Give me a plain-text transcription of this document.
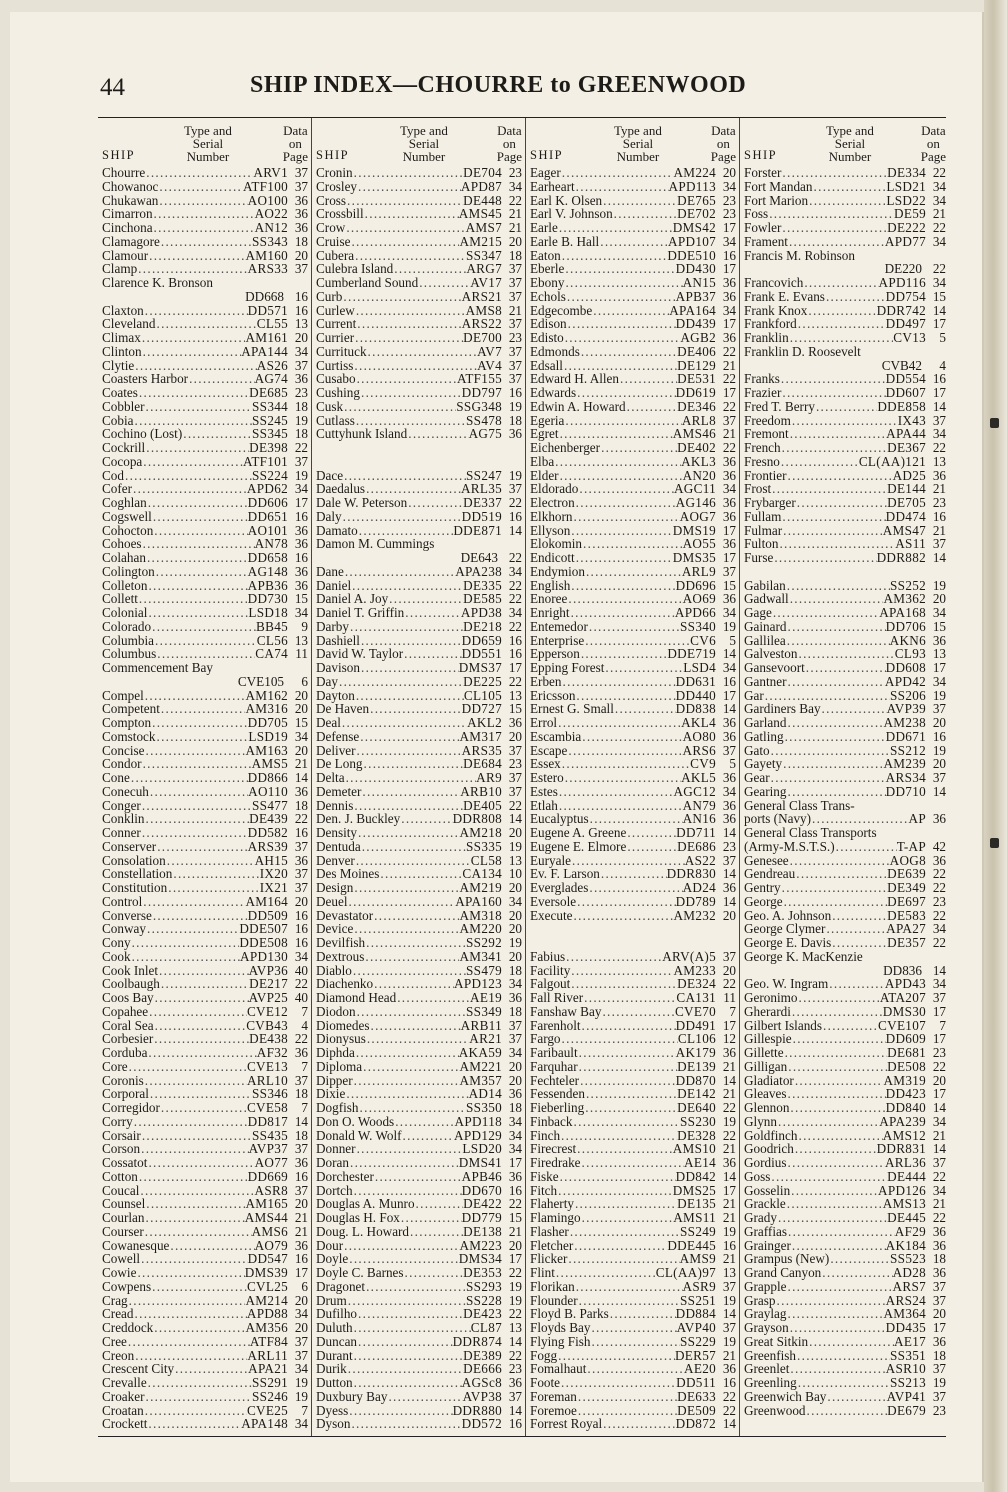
44	SHIP INDEX—CHOURRE to GREENWOOD
SHIP
Type and
Serial
Number
Data
on
Page
Chourre .....	ARV1 37
Chowanoc .....	ATF100 37
Chukawan .....	AO100 36
Cimarron .....	AO22 36
Cinchona .....	AN12 36
Clamagore .....	SS343 18
Clamour .....	AM160 20
Clamp .....	ARS33 37
Clarence K. Bronson
DD668 16
Claxton .....	DD571 16
Cleveland .....	CL55 13
Climax .....	AM161 20
Clinton .....	APA144 34
Clytie .....	AS26 37
Coasters Harbor .....	AG74 36
Coates .....	DE685 23
Cobbler .....	SS344 18
Cobia .....	SS245 19
Cochino (Lost) .....	SS345 18
Cockrill .....	DE398 22
Cocopa .....	ATF101 37
Cod .....	SS224 19
Cofer .....	APD62 34
Coghlan .....	DD606 17
Cogswell .....	DD651 16
Cohocton .....	AO101 36
Cohoes .....	AN78 36
Colahan .....	DD658 16
Colington .....	AG148 36
Colleton .....	APB36 36
Collett .....	DD730 15
Colonial .....	LSD18 34
Colorado .....	BB45	9
Columbia .....	CL56 13
Columbus .....	CA74 11
Commencement Bay
CVE105	6
Compel .....	AM162 20
Competent .....	AM316 20
Compton .....	DD705 15
Comstock .....	LSD19 34
Concise .....	AM163 20
Condor .....	AMS5 21
Cone .....	DD866 14
Conecuh .....	AO110 36
Conger .....	SS477 18
Conklin .....	DE439 22
Conner .....	DD582 16
Conserver .....	ARS39 37
Consolation .....	AH15 36
Constellation .....	IX20 37
Constitution .....	IX21 37
Control .....	AM164 20
Converse .....	DD509 16
Conway .....	DDE507 16
Cony .....	DDE508 16
Cook .....	APD130 34
Cook Inlet .....	AVP36 40
Coolbaugh .....	DE217 22
Coos Bay .....	AVP25 40
Copahee .....	CVE12	7
Coral Sea .....	CVB43	4
Corbesier .....	DE438 22
Corduba .....	AF32 36
Core .....	CVE13	7
Coronis .....	ARL10 37
Corporal .....	SS346 18
Corregidor .....	CVE58	7
Corry .....	DD817 14
Corsair .....	SS435 18
Corson .....	AVP37 37
Cossatot .....	AO77 36
Cotton .....	DD669 16
Coucal .....	ASR8 37
Counsel .....	AM165 20
Courlan .....	AMS44 21
Courser .....	AMS6 21
Cowanesque .....	AO79 36
Cowell .....	DD547 16
Cowie .....	DMS39 17
Cowpens .....	CVL25	6
Crag .....	AM214 20
Cread .....	APD88 34
Creddock .....	AM356 20
Cree .....	ATF84 37
Creon .....	ARL11 37
Crescent City .....	APA21 34
Crevalle .....	SS291 19
Croaker .....	SS246 19
Croatan .....	CVE25	7
Crockett .....	APA148 34
SHIP
Type and
Serial
Number
Data
on
Page
Cronin .....	DE704 23
Crosley .....	APD87 34
Cross .....	DE448 22
Crossbill .....	AMS45 21
Crow .....	AMS7 21
Cruise .....	AM215 20
Cubera .....	SS347 18
Culebra Island .....	ARG7 37
Cumberland Sound .....	AV17 37
Curb .....	ARS21 37
Curlew .....	AMS8 21
Current .....	ARS22 37
Currier .....	DE700 23
Currituck .....	AV7 37
Curtiss .....	AV4 37
Cusabo .....	ATF155 37
Cushing .....	DD797 16
Cusk .....	SSG348 19
Cutlass .....	SS478 18
Cuttyhunk Island .....	AG75 36
Dace .....	SS247 19
Daedalus .....	ARL35 37
Dale W. Peterson .....	DE337 22
Daly .....	DD519 16
Damato .....	DDE871 14
Damon M. Cummings
DE643 22
Dane .....	APA238 34
Daniel .....	DE335 22
Daniel A. Joy .....	DE585 22
Daniel T. Griffin .....	APD38 34
Darby .....	DE218 22
Dashiell .....	DD659 16
David W. Taylor .....	DD551 16
Davison .....	DMS37 17
Day .....	DE225 22
Dayton .....	CL105 13
De Haven .....	DD727 15
Deal .....	AKL2 36
Defense .....	AM317 20
Deliver .....	ARS35 37
De Long .....	DE684 23
Delta .....	AR9 37
Demeter .....	ARB10 37
Dennis .....	DE405 22
Den. J. Buckley .....	DDR808 14
Density .....	AM218 20
Dentuda .....	SS335 19
Denver .....	CL58 13
Des Moines .....	CA134 10
Design .....	AM219 20
Deuel .....	APA160 34
Devastator .....	AM318 20
Device .....	AM220 20
Devilfish .....	SS292 19
Dextrous .....	AM341 20
Diablo .....	SS479 18
Diachenko .....	APD123 34
Diamond Head .....	AE19 36
Diodon .....	SS349 18
Diomedes .....	ARB11 37
Dionysus .....	AR21 37
Diphda .....	AKA59 34
Diploma .....	AM221 20
Dipper .....	AM357 20
Dixie .....	AD14 36
Dogfish .....	SS350 18
Don O. Woods .....	APD118 34
Donald W. Wolf .....	APD129 34
Donner .....	LSD20 34
Doran .....	DMS41 17
Dorchester .....	APB46 36
Dortch .....	DD670 16
Douglas A. Munro .....	DE422 22
Douglas H. Fox .....	DD779 15
Doug. L. Howard .....	DE138 21
Dour .....	AM223 20
Doyle .....	DMS34 17
Doyle C. Barnes .....	DE353 22
Dragonet .....	SS293 19
Drum .....	SS228 19
Dufilho .....	DE423 22
Duluth .....	CL87 13
Duncan .....	DDR874 14
Durant .....	DE389 22
Durik .....	DE666 23
Dutton .....	AGSc8 36
Duxbury Bay .....	AVP38 37
Dyess .....	DDR880 14
Dyson .....	DD572 16
SHIP
Type and
Serial
Number
Data
on
Page
Eager .....	AM224 20
Earheart .....	APD113 34
Earl K. Olsen .....	DE765 23
Earl V. Johnson .....	DE702 23
Earle .....	DMS42 17
Earle B. Hall .....	APD107 34
Eaton .....	DDE510 16
Eberle .....	DD430 17
Ebony .....	AN15 36
Echols .....	APB37 36
Edgecombe .....	APA164 34
Edison .....	DD439 17
Edisto .....	AGB2 36
Edmonds .....	DE406 22
Edsall .....	DE129 21
Edward H. Allen .....	DE531 22
Edwards .....	DD619 17
Edwin A. Howard .....	DE346 22
Egeria .....	ARL8 37
Egret .....	AMS46 21
Eichenberger .....	DE402 22
Elba .....	AKL3 36
Elder .....	AN20 36
Eldorado .....	AGC11 34
Electron .....	AG146 36
Elkhorn .....	AOG7 36
Ellyson .....	DMS19 17
Elokomin .....	AO55 36
Endicott .....	DMS35 17
Endymion .....	ARL9 37
English .....	DD696 15
Enoree .....	AO69 36
Enright .....	APD66 34
Entemedor .....	SS340 19
Enterprise .....	CV6	5
Epperson .....	DDE719 14
Epping Forest .....	LSD4 34
Erben .....	DD631 16
Ericsson .....	DD440 17
Ernest G. Small .....	DD838 14
Errol .....	AKL4 36
Escambia .....	AO80 36
Escape .....	ARS6 37
Essex .....	CV9	5
Estero .....	AKL5 36
Estes .....	AGC12 34
Etlah .....	AN79 36
Eucalyptus .....	AN16 36
Eugene A. Greene .....	DD711 14
Eugene E. Elmore .....	DE686 23
Euryale .....	AS22 37
Ev. F. Larson .....	DDR830 14
Everglades .....	AD24 36
Eversole .....	DD789 14
Execute .....	AM232 20
Fabius .....	ARV(A)5 37
Facility .....	AM233 20
Falgout .....	DE324 22
Fall River .....	CA131 11
Fanshaw Bay .....	CVE70	7
Farenholt .....	DD491 17
Fargo .....	CL106 12
Faribault .....	AK179 36
Farquhar .....	DE139 21
Fechteler .....	DD870 14
Fessenden .....	DE142 21
Fieberling .....	DE640 22
Finback .....	SS230 19
Finch .....	DE328 22
Firecrest .....	AMS10 21
Firedrake .....	AE14 36
Fiske .....	DD842 14
Fitch .....	DMS25 17
Flaherty .....	DE135 21
Flamingo .....	AMS11 21
Flasher .....	SS249 19
Fletcher .....	DDE445 16
Flicker .....	AMS9 21
Flint .....	CL(AA)97 13
Florikan .....	ASR9 37
Flounder .....	SS251 19
Floyd B. Parks .....	DD884 14
Floyds Bay .....	AVP40 37
Flying Fish .....	SS229 19
Fogg .....	DER57 21
Fomalhaut .....	AE20 36
Foote .....	DD511 16
Foreman .....	DE633 22
Foremoe .....	DE509 22
Forrest Royal .....	DD872 14
SHIP
Type and
Serial
Number
Data
on
Page
Forster .....	DE334 22
Fort Mandan .....	LSD21 34
Fort Marion .....	LSD22 34
Foss .....	DE59 21
Fowler .....	DE222 22
Frament .....	APD77 34
Francis M. Robinson
DE220 22
Francovich .....	APD116 34
Frank E. Evans .....	DD754 15
Frank Knox .....	DDR742 14
Frankford .....	DD497 17
Franklin .....	CV13	5
Franklin D. Roosevelt
CVB42	4
Franks .....	DD554 16
Frazier .....	DD607 17
Fred T. Berry .....	DDE858 14
Freedom .....	IX43 37
Fremont .....	APA44 34
French .....	DE367 22
Fresno .....	CL(AA)121 13
Frontier .....	AD25 36
Frost .....	DE144 21
Frybarger .....	DE705 23
Fullam .....	DD474 16
Fulmar .....	AMS47 21
Fulton .....	AS11 37
Furse .....	DDR882 14
Gabilan .....	SS252 19
Gadwall .....	AM362 20
Gage .....	APA168 34
Gainard .....	DD706 15
Gallilea .....	AKN6 36
Galveston .....	CL93 13
Gansevoort .....	DD608 17
Gantner .....	APD42 34
Gar .....	SS206 19
Gardiners Bay .....	AVP39 37
Garland .....	AM238 20
Gatling .....	DD671 16
Gato .....	SS212 19
Gayety .....	AM239 20
Gear .....	ARS34 37
Gearing .....	DD710 14
General Class Trans-
ports (Navy) .....	AP 36
General Class Transports
(Army-M.S.T.S.) .....	T-AP 42
Genesee .....	AOG8 36
Gendreau .....	DE639 22
Gentry .....	DE349 22
George .....	DE697 23
Geo. A. Johnson .....	DE583 22
George Clymer .....	APA27 34
George E. Davis .....	DE357 22
George K. MacKenzie
DD836 14
Geo. W. Ingram .....	APD43 34
Geronimo .....	ATA207 37
Gherardi .....	DMS30 17
Gilbert Islands .....	CVE107	7
Gillespie .....	DD609 17
Gillette .....	DE681 23
Gilligan .....	DE508 22
Gladiator .....	AM319 20
Gleaves .....	DD423 17
Glennon .....	DD840 14
Glynn .....	APA239 34
Goldfinch .....	AMS12 21
Goodrich .....	DDR831 14
Gordius .....	ARL36 37
Goss .....	DE444 22
Gosselin .....	APD126 34
Grackle .....	AMS13 21
Grady .....	DE445 22
Graffias .....	AF29 36
Grainger .....	AK184 36
Grampus (New) .....	SS523 18
Grand Canyon .....	AD28 36
Grapple .....	ARS7 37
Grasp .....	ARS24 37
Graylag .....	AM364 20
Grayson .....	DD435 17
Great Sitkin .....	AE17 36
Greenfish .....	SS351 18
Greenlet .....	ASR10 37
Greenling .....	SS213 19
Greenwich Bay .....	AVP41 37
Greenwood .....	DE679 23
